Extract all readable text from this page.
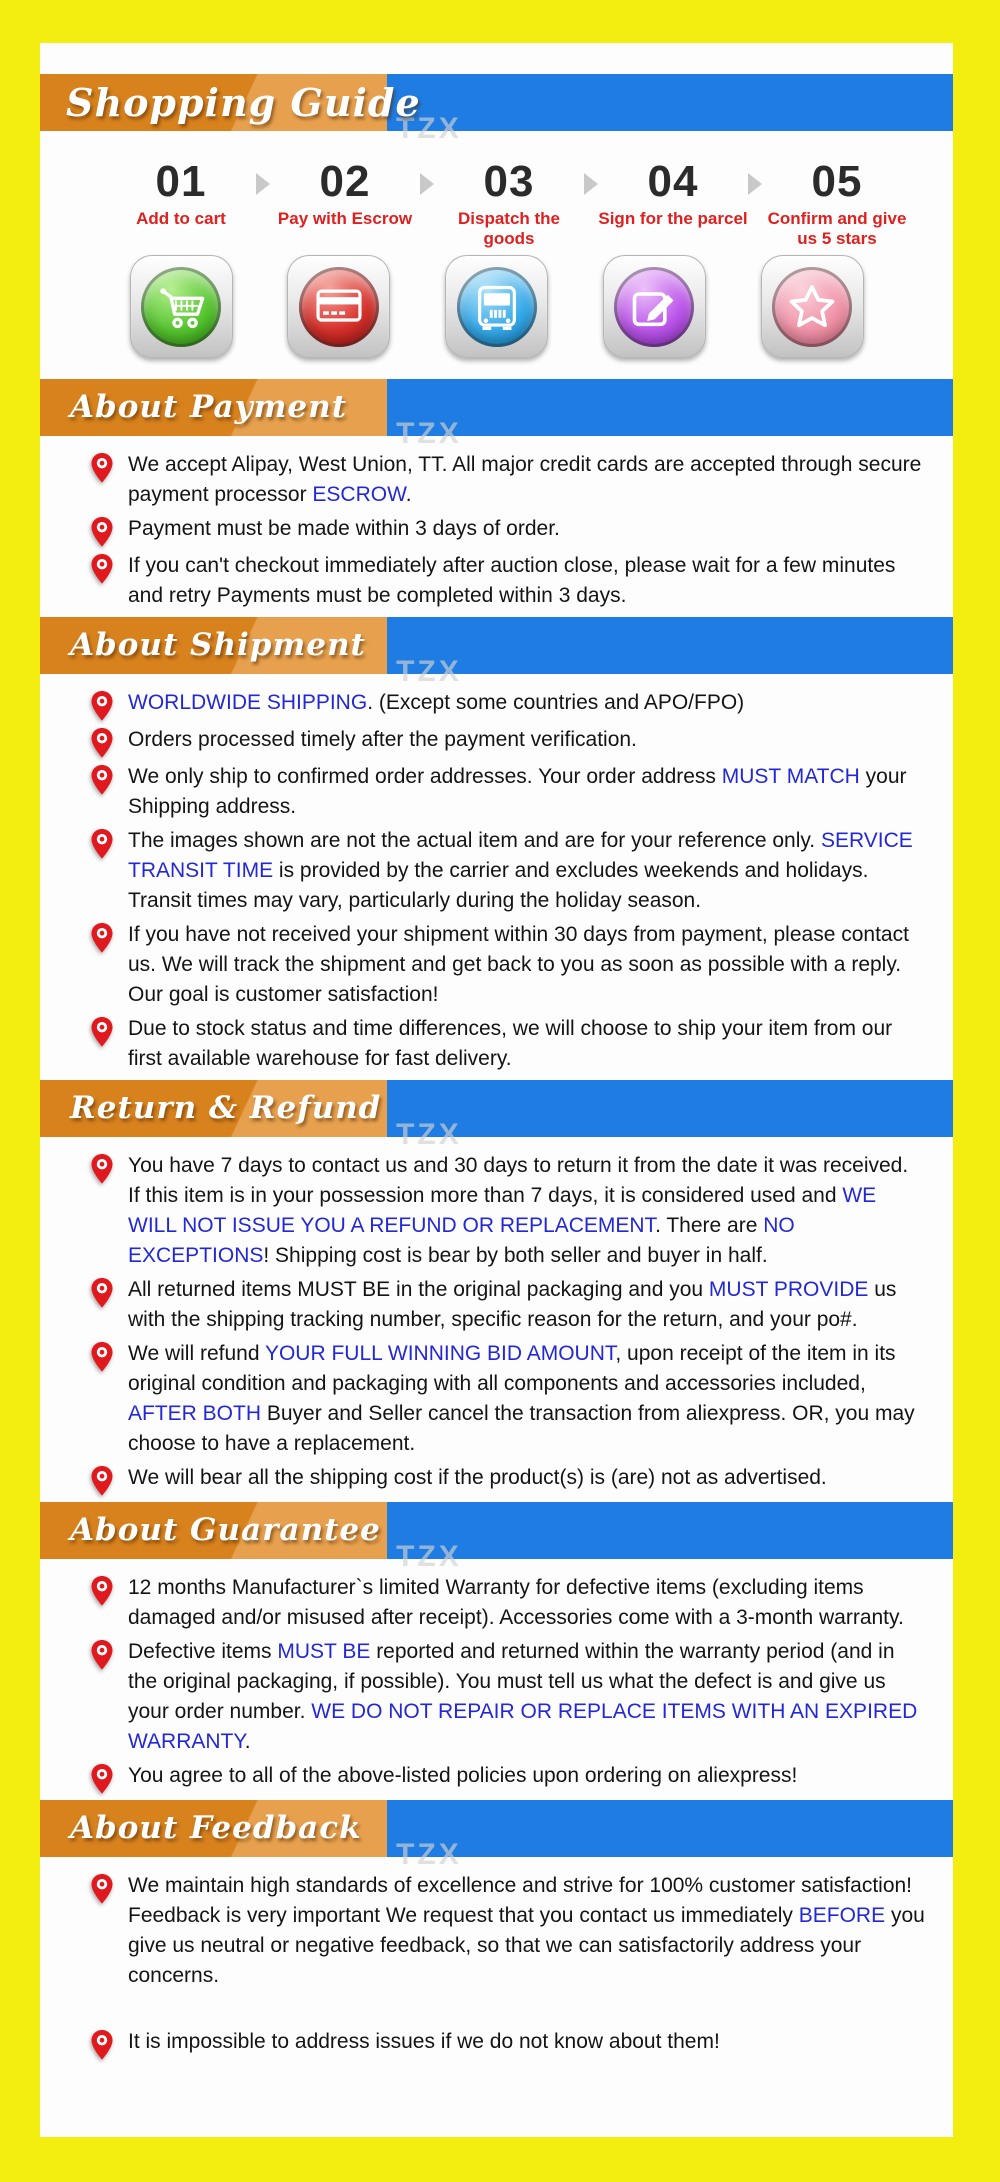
Shopping Guide
TZX
01
Add to cart
02
Pay with Escrow
03
Dispatch the goods
04
Sign for the parcel
05
Confirm and give us 5 stars
About Payment
TZX

We accept Alipay, West Union, TT. All major credit cards are accepted through secure payment processor ESCROW.

Payment must be made within 3 days of order.

If you can't checkout immediately after auction close, please wait for a few minutes and retry Payments must be completed within 3 days.

About Shipment
TZX

WORLDWIDE SHIPPING. (Except some countries and APO/FPO)

Orders processed timely after the payment verification.

We only ship to confirmed order addresses. Your order address MUST MATCH your Shipping address.

The images shown are not the actual item and are for your reference only. SERVICE TRANSIT TIME is provided by the carrier and excludes weekends and holidays. Transit times may vary, particularly during the holiday season.

If you have not received your shipment within 30 days from payment, please contact us. We will track the shipment and get back to you as soon as possible with a reply. Our goal is customer satisfaction!

Due to stock status and time differences, we will choose to ship your item from our first available warehouse for fast delivery.

Return & Refund
TZX

You have 7 days to contact us and 30 days to return it from the date it was received. If this item is in your possession more than 7 days, it is considered used and WE WILL NOT ISSUE YOU A REFUND OR REPLACEMENT. There are NO EXCEPTIONS! Shipping cost is bear by both seller and buyer in half.

All returned items MUST BE in the original packaging and you MUST PROVIDE us with the shipping tracking number, specific reason for the return, and your po#.

We will refund YOUR FULL WINNING BID AMOUNT, upon receipt of the item in its original condition and packaging with all components and accessories included, AFTER BOTH Buyer and Seller cancel the transaction from aliexpress. OR, you may choose to have a replacement.

We will bear all the shipping cost if the product(s) is (are) not as advertised.

About Guarantee
TZX

12 months Manufacturer`s limited Warranty for defective items (excluding items damaged and/or misused after receipt). Accessories come with a 3-month warranty.

Defective items MUST BE reported and returned within the warranty period (and in the original packaging, if possible). You must tell us what the defect is and give us your order number. WE DO NOT REPAIR OR REPLACE ITEMS WITH AN EXPIRED WARRANTY.

You agree to all of the above-listed policies upon ordering on aliexpress!

About Feedback
TZX

We maintain high standards of excellence and strive for 100% customer satisfaction! Feedback is very important We request that you contact us immediately BEFORE you give us neutral or negative feedback, so that we can satisfactorily address your concerns.

It is impossible to address issues if we do not know about them!
